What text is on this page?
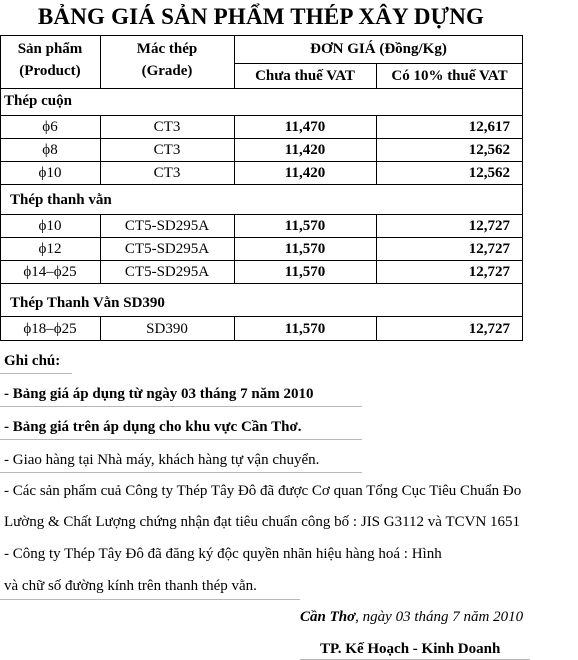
BẢNG GIÁ SẢN PHẨM THÉP XÂY DỰNG
Sản phẩm
(Product)
Mác thép
(Grade)
ĐƠN GIÁ (Đồng/Kg)
Chưa thuế VAT	Có 10% thuế VAT
Thép cuộn
ϕ6	CT3	11,470	12,617
ϕ8	CT3	11,420	12,562
ϕ10	CT3	11,420	12,562
Thép thanh vằn
ϕ10	CT5-SD295A	11,570	12,727
ϕ12	CT5-SD295A	11,570	12,727
ϕ14–ϕ25	CT5-SD295A	11,570	12,727
Thép Thanh Vằn SD390
ϕ18–ϕ25	SD390	11,570	12,727
Ghi chú:
- Bảng giá áp dụng từ ngày 03 tháng 7 năm 2010
- Bảng giá trên áp dụng cho khu vực Cần Thơ.
- Giao hàng tại Nhà máy, khách hàng tự vận chuyển.
- Các sản phẩm cuả Công ty Thép Tây Đô đã được Cơ quan Tổng Cục Tiêu Chuẩn Đo
Lường & Chất Lượng chứng nhận đạt tiêu chuẩn công bố : JIS G3112 và TCVN 1651
- Công ty Thép Tây Đô đã đăng ký độc quyền nhãn hiệu hàng hoá : Hình
và chữ số đường kính trên thanh thép vằn.
Cần Thơ, ngày 03 tháng 7 năm 2010
TP. Kế Hoạch - Kinh Doanh
